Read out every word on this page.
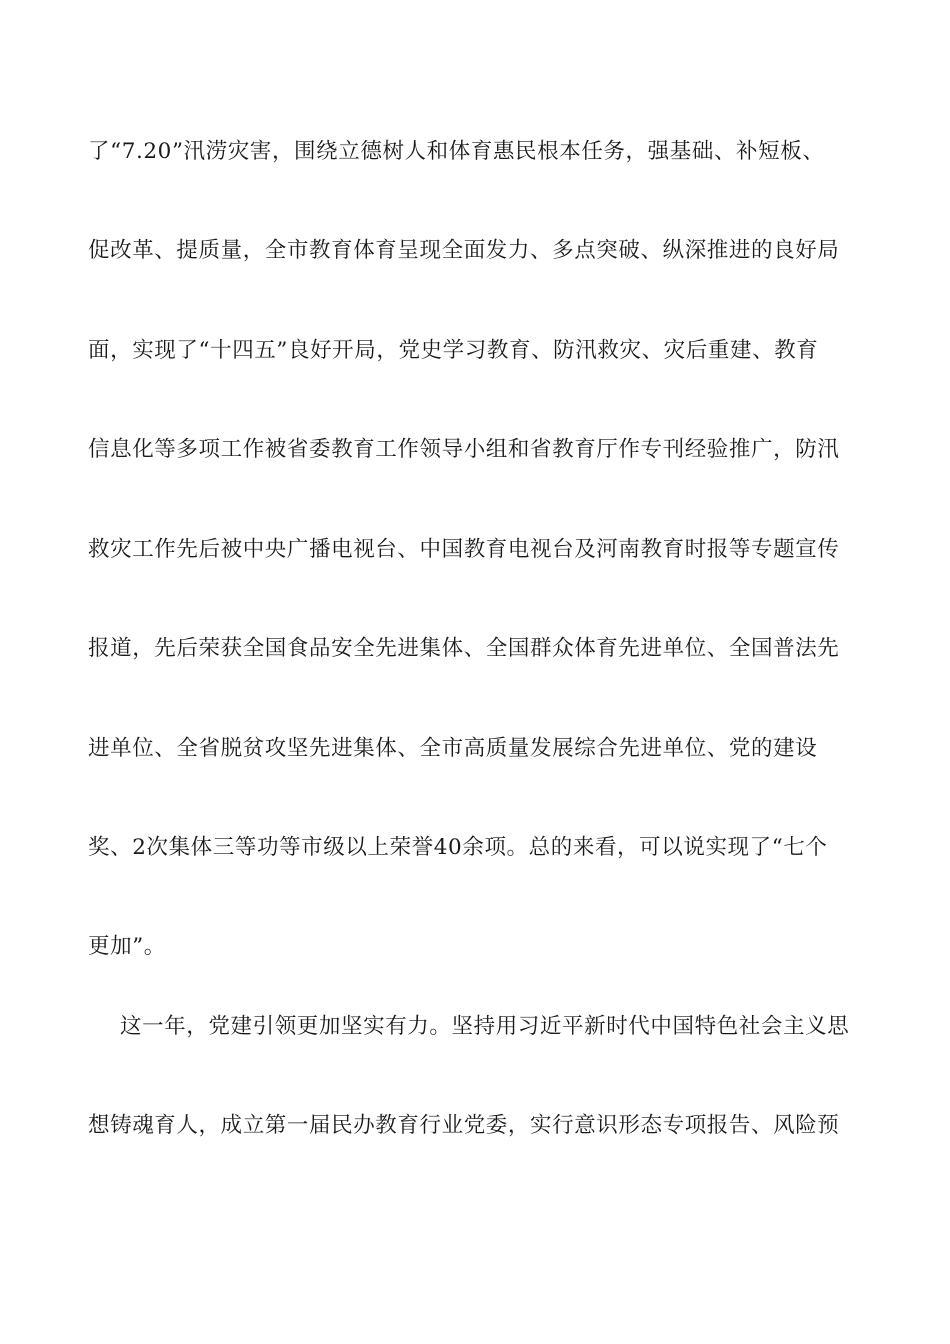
了“7.20”汛涝灾害，围绕立德树人和体育惠民根本任务，强基础、补短板、
促改革、提质量，全市教育体育呈现全面发力、多点突破、纵深推进的良好局
面，实现了“十四五”良好开局，党史学习教育、防汛救灾、灾后重建、教育
信息化等多项工作被省委教育工作领导小组和省教育厅作专刊经验推广，防汛
救灾工作先后被中央广播电视台、中国教育电视台及河南教育时报等专题宣传
报道，先后荣获全国食品安全先进集体、全国群众体育先进单位、全国普法先
进单位、全省脱贫攻坚先进集体、全市高质量发展综合先进单位、党的建设
奖、2次集体三等功等市级以上荣誉40余项。总的来看，可以说实现了“七个
更加”。
这一年，党建引领更加坚实有力。坚持用习近平新时代中国特色社会主义思
想铸魂育人，成立第一届民办教育行业党委，实行意识形态专项报告、风险预
